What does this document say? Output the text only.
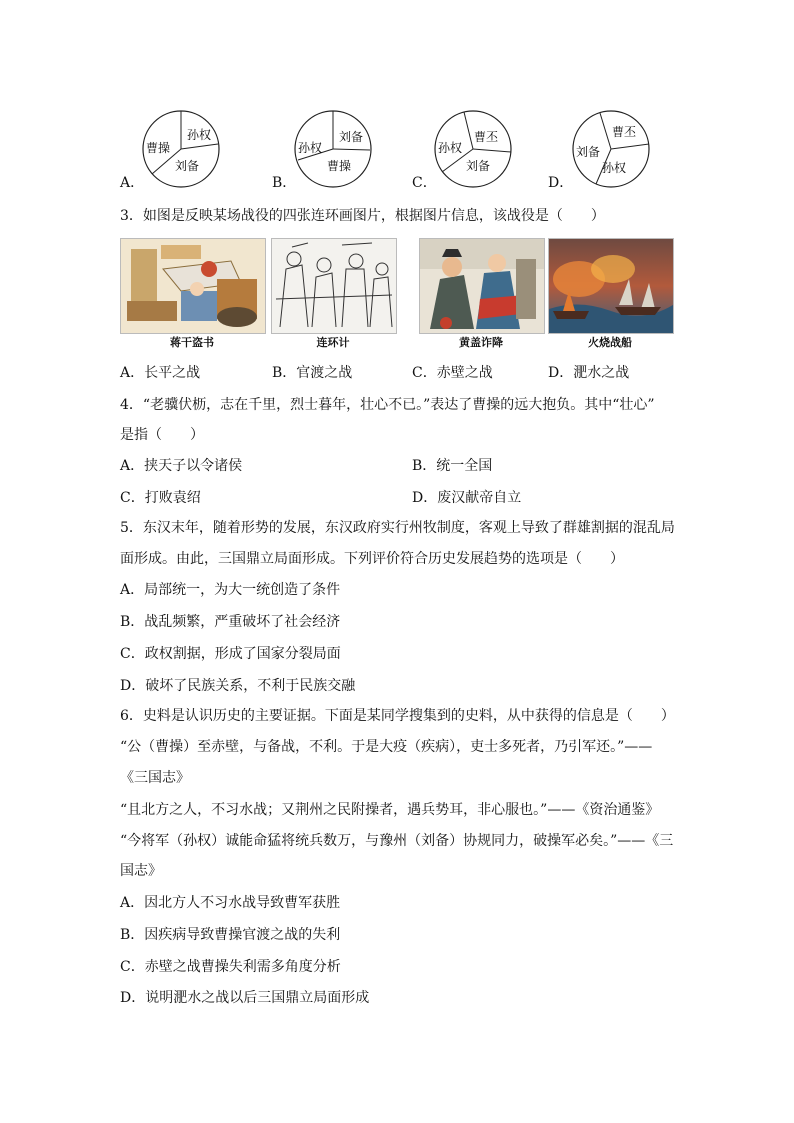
A．
孙权
曹操
刘备
B．
刘备
孙权
曹操
C．
曹丕
孙权
刘备
D．
曹丕
刘备
孙权
3．如图是反映某场战役的四张连环画图片，根据图片信息，该战役是（　　）
蒋干盗书	连环计	黄盖诈降	火烧战船
A．长平之战	B．官渡之战	C．赤壁之战	D．淝水之战
4．“老骥伏枥，志在千里，烈士暮年，壮心不已。”表达了曹操的远大抱负。其中“壮心”
是指（　　）
A．挟天子以令诸侯	B．统一全国
C．打败袁绍	D．废汉献帝自立
5．东汉末年，随着形势的发展，东汉政府实行州牧制度，客观上导致了群雄割据的混乱局
面形成。由此，三国鼎立局面形成。下列评价符合历史发展趋势的选项是（　　）
A．局部统一，为大一统创造了条件
B．战乱频繁，严重破坏了社会经济
C．政权割据，形成了国家分裂局面
D．破坏了民族关系，不利于民族交融
6．史料是认识历史的主要证据。下面是某同学搜集到的史料，从中获得的信息是（　　）
“公（曹操）至赤壁，与备战，不利。于是大疫（疾病），吏士多死者，乃引军还。”——
《三国志》
“且北方之人，不习水战；又荆州之民附操者，遇兵势耳，非心服也。”——《资治通鉴》
“今将军（孙权）诚能命猛将统兵数万，与豫州（刘备）协规同力，破操军必矣。”——《三
国志》
A．因北方人不习水战导致曹军获胜
B．因疾病导致曹操官渡之战的失利
C．赤壁之战曹操失利需多角度分析
D．说明淝水之战以后三国鼎立局面形成
